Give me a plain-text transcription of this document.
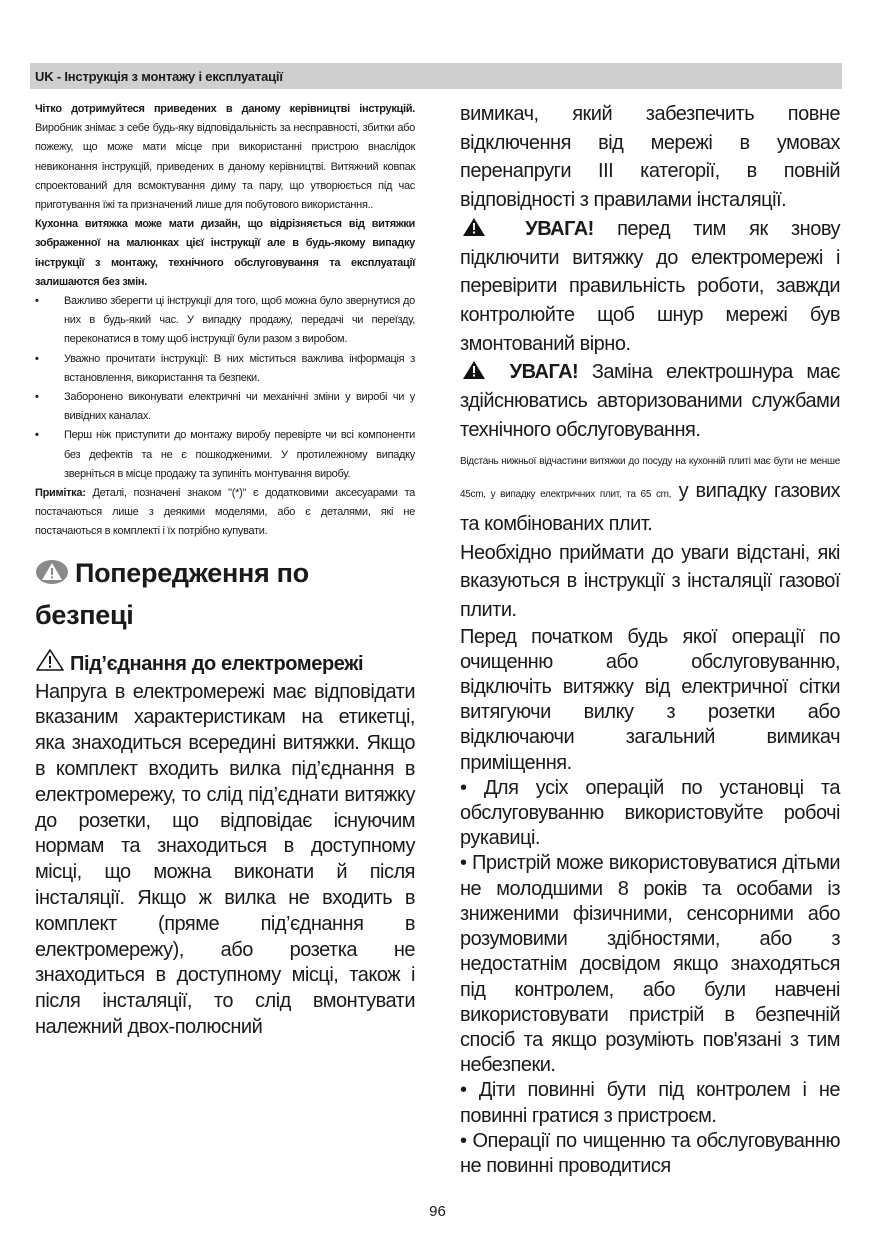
UK - Інструкція з монтажу і експлуатації

Чітко дотримуйтеся приведених в даному керівництві інструкцій. Виробник знімає з себе будь-яку відповідальність за несправності, збитки або пожежу, що може мати місце при використанні пристрою внаслідок невиконання інструкцій, приведених в даному керівництві. Витяжний ковпак спроектований для всмоктування диму та пару, що утворюється під час приготування їжі та призначений лише для побутового використання..

Кухонна витяжка може мати дизайн, що відрізняється від витяжки зображенної на малюнках цієї інструкції але в будь-якому випадку інструкції з монтажу, технічного обслуговування та експлуатації залишаются без змін.

• Важливо зберегти ці інструкції для того, щоб можна було звернутися до них в будь-який час. У випадку продажу, передачі чи переїзду, переконатися в тому щоб інструкції були разом з виробом.
• Уважно прочитати інструкції: В них міститься важлива інформація з встановлення, використання та безпеки.
• Заборонено виконувати електричні чи механічні зміни у виробі чи у вивідних каналах.
• Перш ніж приступити до монтажу виробу перевірте чи всі компоненти без дефектів та не є пошкодженими. У протилежному випадку зверніться в місце продажу та зупиніть монтування виробу.

Примітка: Деталі, позначені знаком "(*)" є додатковими аксесуарами та постачаються лише з деякими моделями, або є деталями, які не постачаються в комплекті і їх потрібно купувати.

Попередження по
безпеці
Під’єднання до електромережі

Напруга в електромережі має відповідати вказаним характеристикам на етикетці, яка знаходиться всередині витяжки. Якщо в комплект входить вилка під’єднання в електромережу, то слід під’єднати витяжку до розетки, що відповідає існуючим нормам та знаходиться в доступному місці, що можна виконати й після інсталяції. Якщо ж вилка не входить в комплект (пряме під’єднання в електромережу), або розетка не знаходиться в доступному місці, також і після інсталяції, то слід вмонтувати належний двох-полюсний

вимикач, який забезпечить повне відключення від мережі в умовах перенапруги III категорії, в повній відповідності з правилами інсталяції.

УВАГА! перед тим як знову підключити витяжку до електромережі і перевірити правильність роботи, завжди контролюйте щоб шнур мережі був змонтований вірно.

УВАГА! Заміна електрошнура має здійснюватись авторизованими службами технічного обслуговування.

Відстань нижньої відчастини витяжки до посуду на кухонній плиті має бути не менше 45cm, у випадку електричних плит, та 65 cm, у випадку газових та комбінованих плит.

Необхідно приймати до уваги відстані, які вказуються в інструкції з інсталяції газової плити.

Перед початком будь якої операції по очищенню або обслуговуванню, відключіть витяжку від електричної сітки витягуючи вилку з розетки або відключаючи загальний вимикач приміщення.

• Для усіх операцій по установці та обслуговуванню використовуйте робочі рукавиці.

• Пристрій може використовуватися дітьми не молодшими 8 років та особами із зниженими фізичними, сенсорними або розумовими здібностями, або з недостатнім досвідом якщо знаходяться під контролем, або були навчені використовувати пристрій в безпечній спосіб та якщо розуміють пов'язані з тим небезпеки.

• Діти повинні бути під контролем і не повинні гратися з пристроєм.

• Операції по чищенню та обслуговуванню не повинні проводитися

96
